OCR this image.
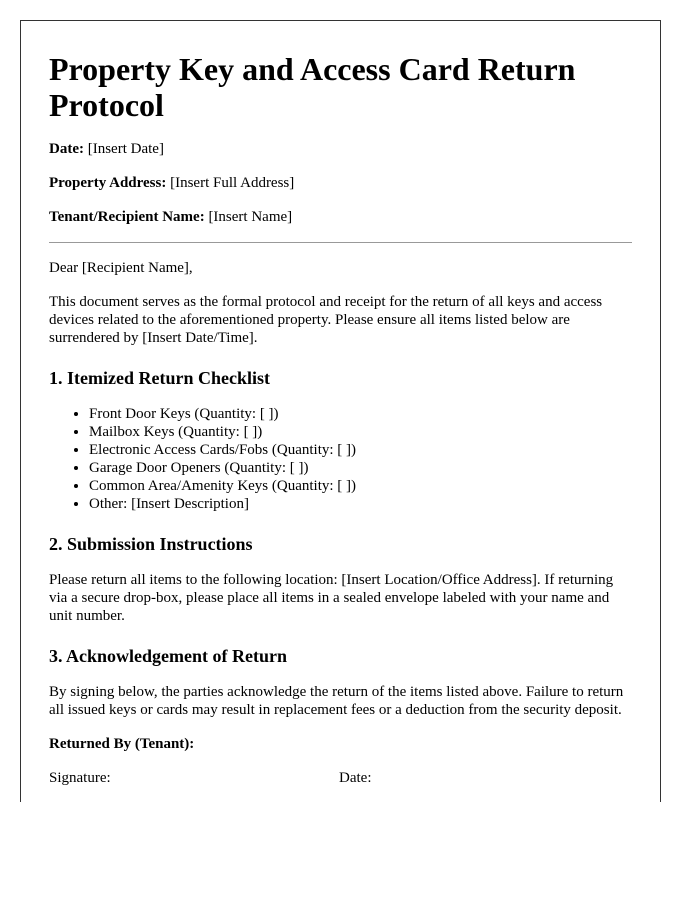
Property Key and Access Card Return Protocol

Date: [Insert Date]

Property Address: [Insert Full Address]

Tenant/Recipient Name: [Insert Name]

Dear [Recipient Name],

This document serves as the formal protocol and receipt for the return of all keys and access devices related to the aforementioned property. Please ensure all items listed below are surrendered by [Insert Date/Time].

1. Itemized Return Checklist
• Front Door Keys (Quantity: [ ])
• Mailbox Keys (Quantity: [ ])
• Electronic Access Cards/Fobs (Quantity: [ ])
• Garage Door Openers (Quantity: [ ])
• Common Area/Amenity Keys (Quantity: [ ])
• Other: [Insert Description]
2. Submission Instructions

Please return all items to the following location: [Insert Location/Office Address]. If returning via a secure drop-box, please place all items in a sealed envelope labeled with your name and unit number.

3. Acknowledgement of Return

By signing below, the parties acknowledge the return of the items listed above. Failure to return all issued keys or cards may result in replacement fees or a deduction from the security deposit.

Returned By (Tenant):

Signature:	Date:
